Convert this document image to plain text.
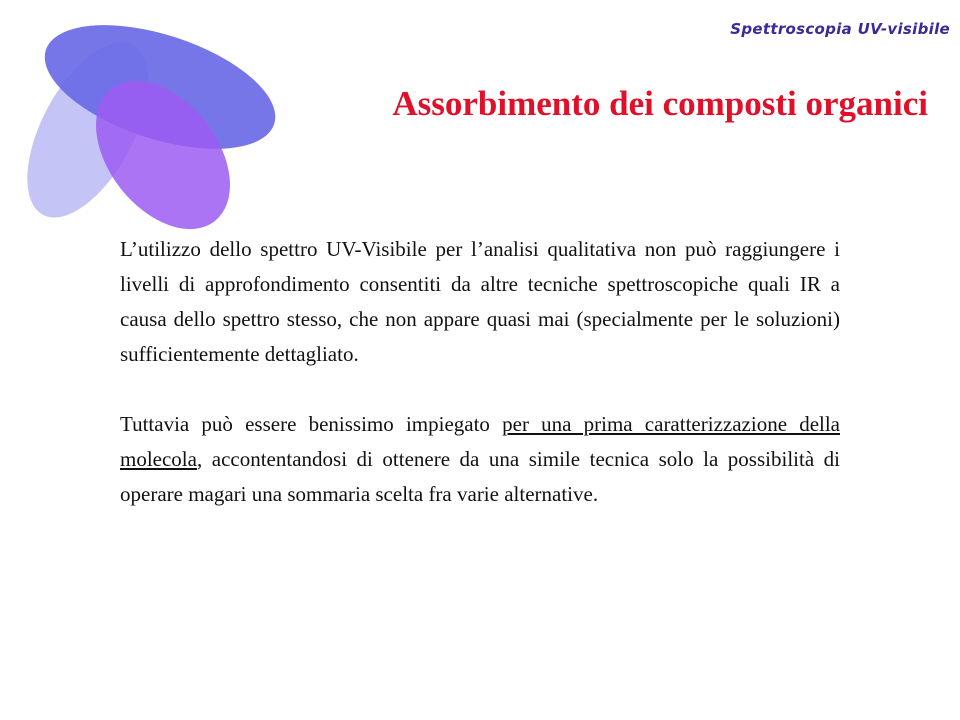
Spettroscopia UV-visibile
Assorbimento dei composti organici

L’utilizzo dello spettro UV-Visibile per l’analisi qualitativa non può raggiungere i livelli di approfondimento consentiti da altre tecniche spettroscopiche quali IR a causa dello spettro stesso, che non appare quasi mai (specialmente per le soluzioni) sufficientemente dettagliato.

Tuttavia può essere benissimo impiegato per una prima caratterizzazione della molecola, accontentandosi di ottenere da una simile tecnica solo la possibilità di operare magari una sommaria scelta fra varie alternative.
